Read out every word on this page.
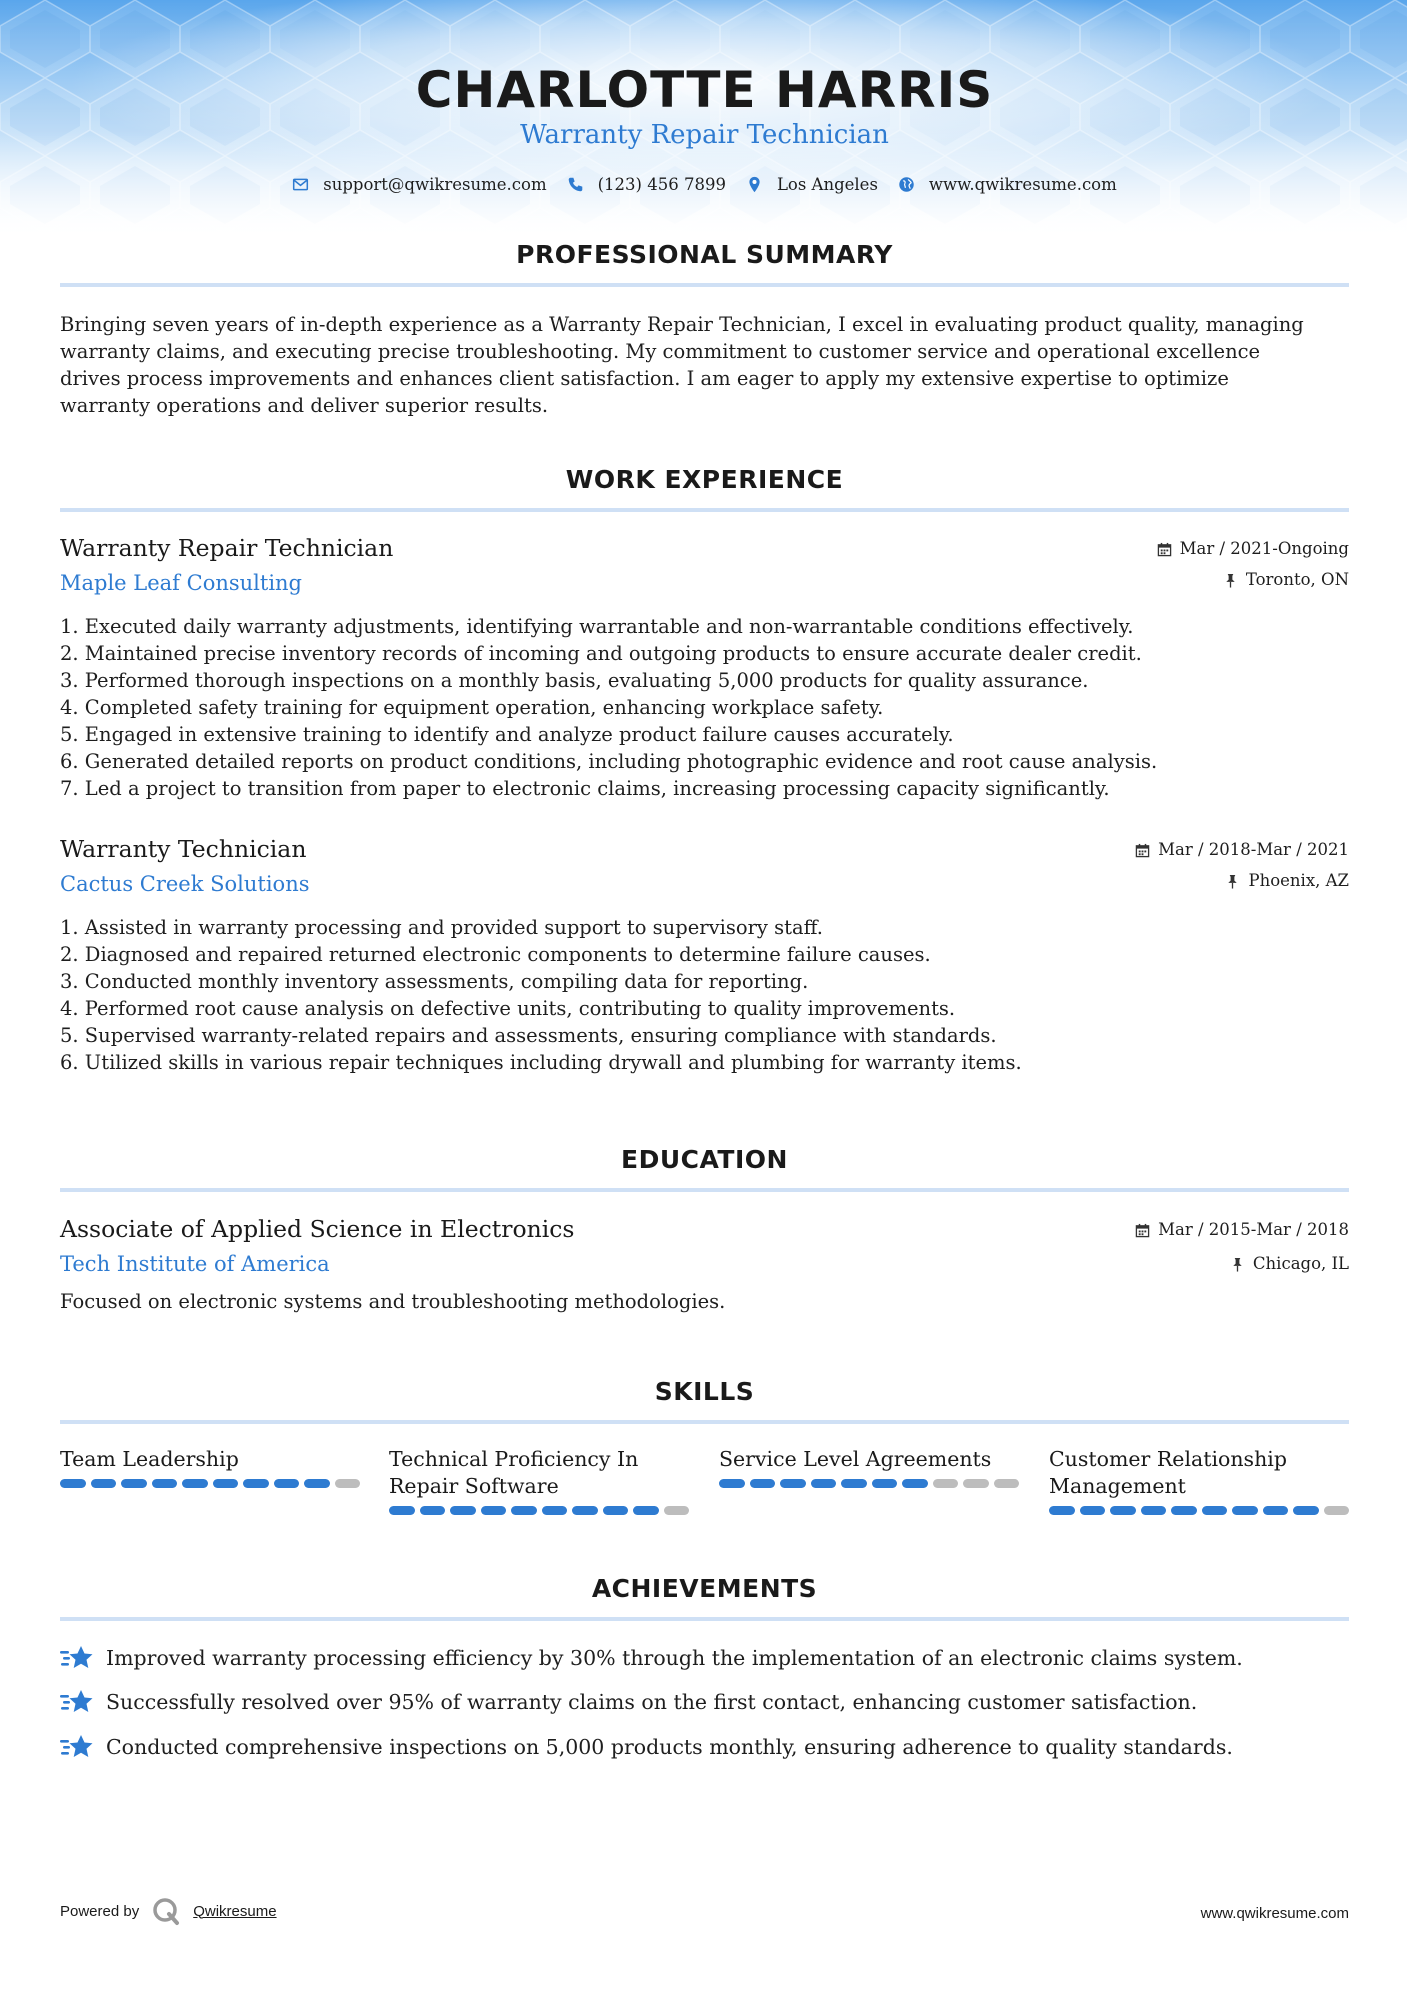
CHARLOTTE HARRIS
Warranty Repair Technician
support@qwikresume.com	(123) 456 7899	Los Angeles	www.qwikresume.com
PROFESSIONAL SUMMARY
Bringing seven years of in-depth experience as a Warranty Repair Technician, I excel in evaluating product quality, managing
warranty claims, and executing precise troubleshooting. My commitment to customer service and operational excellence
drives process improvements and enhances client satisfaction. I am eager to apply my extensive expertise to optimize
warranty operations and deliver superior results.
WORK EXPERIENCE
Warranty Repair Technician
Maple Leaf Consulting
Mar / 2021-Ongoing
Toronto, ON
1. Executed daily warranty adjustments, identifying warrantable and non-warrantable conditions effectively.
2. Maintained precise inventory records of incoming and outgoing products to ensure accurate dealer credit.
3. Performed thorough inspections on a monthly basis, evaluating 5,000 products for quality assurance.
4. Completed safety training for equipment operation, enhancing workplace safety.
5. Engaged in extensive training to identify and analyze product failure causes accurately.
6. Generated detailed reports on product conditions, including photographic evidence and root cause analysis.
7. Led a project to transition from paper to electronic claims, increasing processing capacity significantly.
Warranty Technician
Cactus Creek Solutions
Mar / 2018-Mar / 2021
Phoenix, AZ
1. Assisted in warranty processing and provided support to supervisory staff.
2. Diagnosed and repaired returned electronic components to determine failure causes.
3. Conducted monthly inventory assessments, compiling data for reporting.
4. Performed root cause analysis on defective units, contributing to quality improvements.
5. Supervised warranty-related repairs and assessments, ensuring compliance with standards.
6. Utilized skills in various repair techniques including drywall and plumbing for warranty items.
EDUCATION
Associate of Applied Science in Electronics
Tech Institute of America
Mar / 2015-Mar / 2018
Chicago, IL
Focused on electronic systems and troubleshooting methodologies.
SKILLS
Team Leadership	Technical Proficiency In
Repair Software
Service Level Agreements	Customer Relationship
Management
ACHIEVEMENTS
Improved warranty processing efficiency by 30% through the implementation of an electronic claims system.
Successfully resolved over 95% of warranty claims on the first contact, enhancing customer satisfaction.
Conducted comprehensive inspections on 5,000 products monthly, ensuring adherence to quality standards.
Powered by	Qwikresume	www.qwikresume.com
